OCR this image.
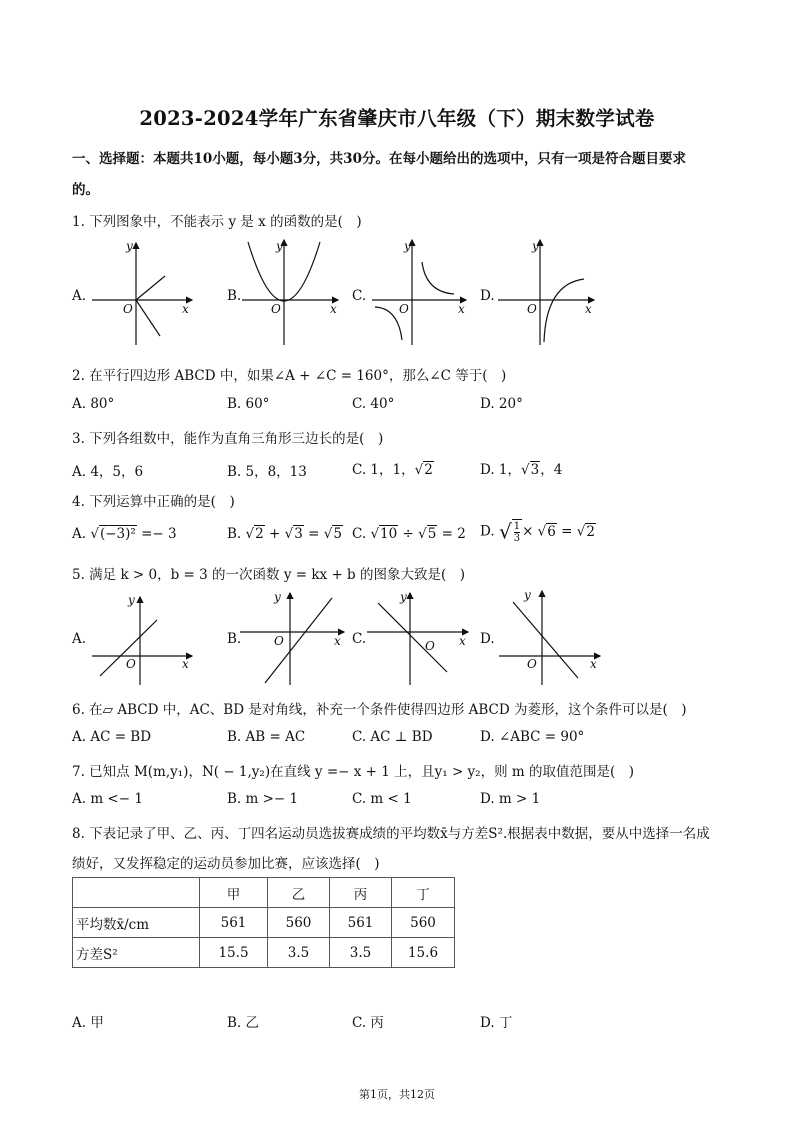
2023-2024学年广东省肇庆市八年级（下）期末数学试卷
一、选择题：本题共10小题，每小题3分，共30分。在每小题给出的选项中，只有一项是符合题目要求
的。
1. 下列图象中，不能表示 y 是 x 的函数的是(　)
A.	B.	C.	D.
y
x
O
y
x
O
y
x
O
y
x
O
y
x
O
y
x
O
y
x
O
y
x
O
2. 在平行四边形 ABCD 中，如果∠A + ∠C = 160°，那么∠C 等于(　)
A. 80°	B. 60°	C. 40°	D. 20°
3. 下列各组数中，能作为直角三角形三边长的是(　)
A. 4，5，6	B. 5，8，13	C. 1，1，√2	D. 1，√3，4
4. 下列运算中正确的是(　)
A. √(−3)² =− 3	B. √2 + √3 = √5 C. √10 ÷ √5 = 2 D. √ $\frac{1}{3} \times √6 = √2$
5. 满足 k > 0，b = 3 的一次函数 y = kx + b 的图象大致是(　)
A.	B.	C.	D.
6. 在▱ ABCD 中，AC、BD 是对角线，补充一个条件使得四边形 ABCD 为菱形，这个条件可以是(　)
A. AC = BD	B. AB = AC	C. AC ⊥ BD	D. ∠ABC = 90°
7. 已知点 M(m,y₁)，N( − 1,y₂)在直线 y =− x + 1 上，且y₁ > y₂，则 m 的取值范围是(　)
A. m <− 1	B. m >− 1	C. m < 1	D. m > 1
8. 下表记录了甲、乙、丙、丁四名运动员选拔赛成绩的平均数x̄与方差S².根据表中数据，要从中选择一名成
绩好，又发挥稳定的运动员参加比赛，应该选择(　)
	甲	乙	丙	丁
平均数x̄/cm	561	560	561	560
方差S²	15.5	3.5	3.5	15.6
A. 甲	B. 乙	C. 丙	D. 丁
第1页，共12页
